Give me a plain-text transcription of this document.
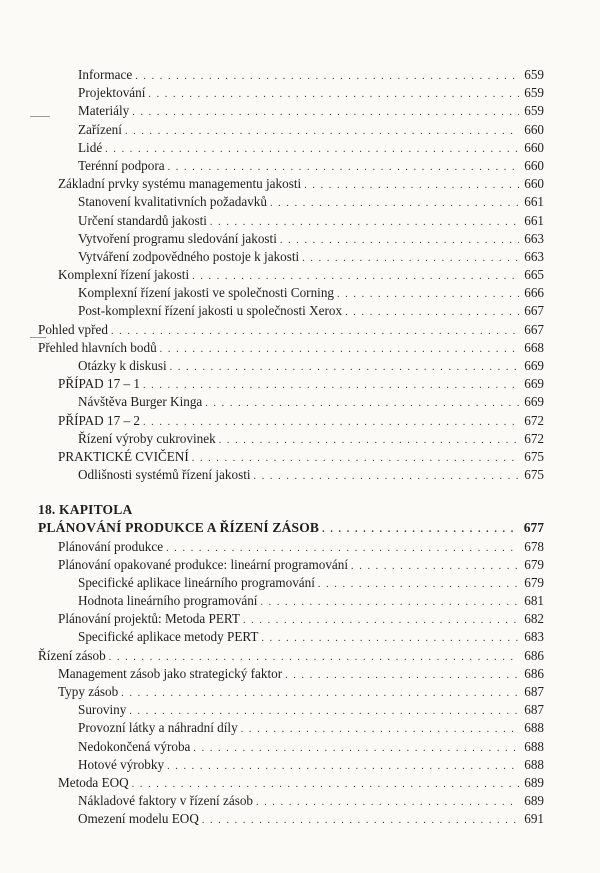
Informace . . .	659
Projektování . . .	659
Materiály . . .	659
Zařízení . . .	660
Lidé . . .	660
Terénní podpora . . .	660
Základní prvky systému managementu jakosti . . .	660
Stanovení kvalitativních požadavků . . .	661
Určení standardů jakosti . . .	661
Vytvoření programu sledování jakosti . . .	663
Vytváření zodpovědného postoje k jakosti . . .	663
Komplexní řízení jakosti . . .	665
Komplexní řízení jakosti ve společnosti Corning . . .	666
Post-komplexní řízení jakosti u společnosti Xerox . . .	667
Pohled vpřed . . .	667
Přehled hlavních bodů . . .	668
Otázky k diskusi . . .	669
PŘÍPAD 17 – 1 . . .	669
Návštěva Burger Kinga . . .	669
PŘÍPAD 17 – 2 . . .	672
Řízení výroby cukrovinek . . .	672
PRAKTICKÉ CVIČENÍ . . .	675
Odlišnosti systémů řízení jakosti . . .	675
18. KAPITOLA
PLÁNOVÁNÍ PRODUKCE A ŘÍZENÍ ZÁSOB . . .	677
Plánování produkce . . .	678
Plánování opakované produkce: lineární programování . . .	679
Specifické aplikace lineárního programování . . .	679
Hodnota lineárního programování . . .	681
Plánování projektů: Metoda PERT . . .	682
Specifické aplikace metody PERT . . .	683
Řízení zásob . . .	686
Management zásob jako strategický faktor . . .	686
Typy zásob . . .	687
Suroviny . . .	687
Provozní látky a náhradní díly . . .	688
Nedokončená výroba . . .	688
Hotové výrobky . . .	688
Metoda EOQ . . .	689
Nákladové faktory v řízení zásob . . .	689
Omezení modelu EOQ . . .	691
